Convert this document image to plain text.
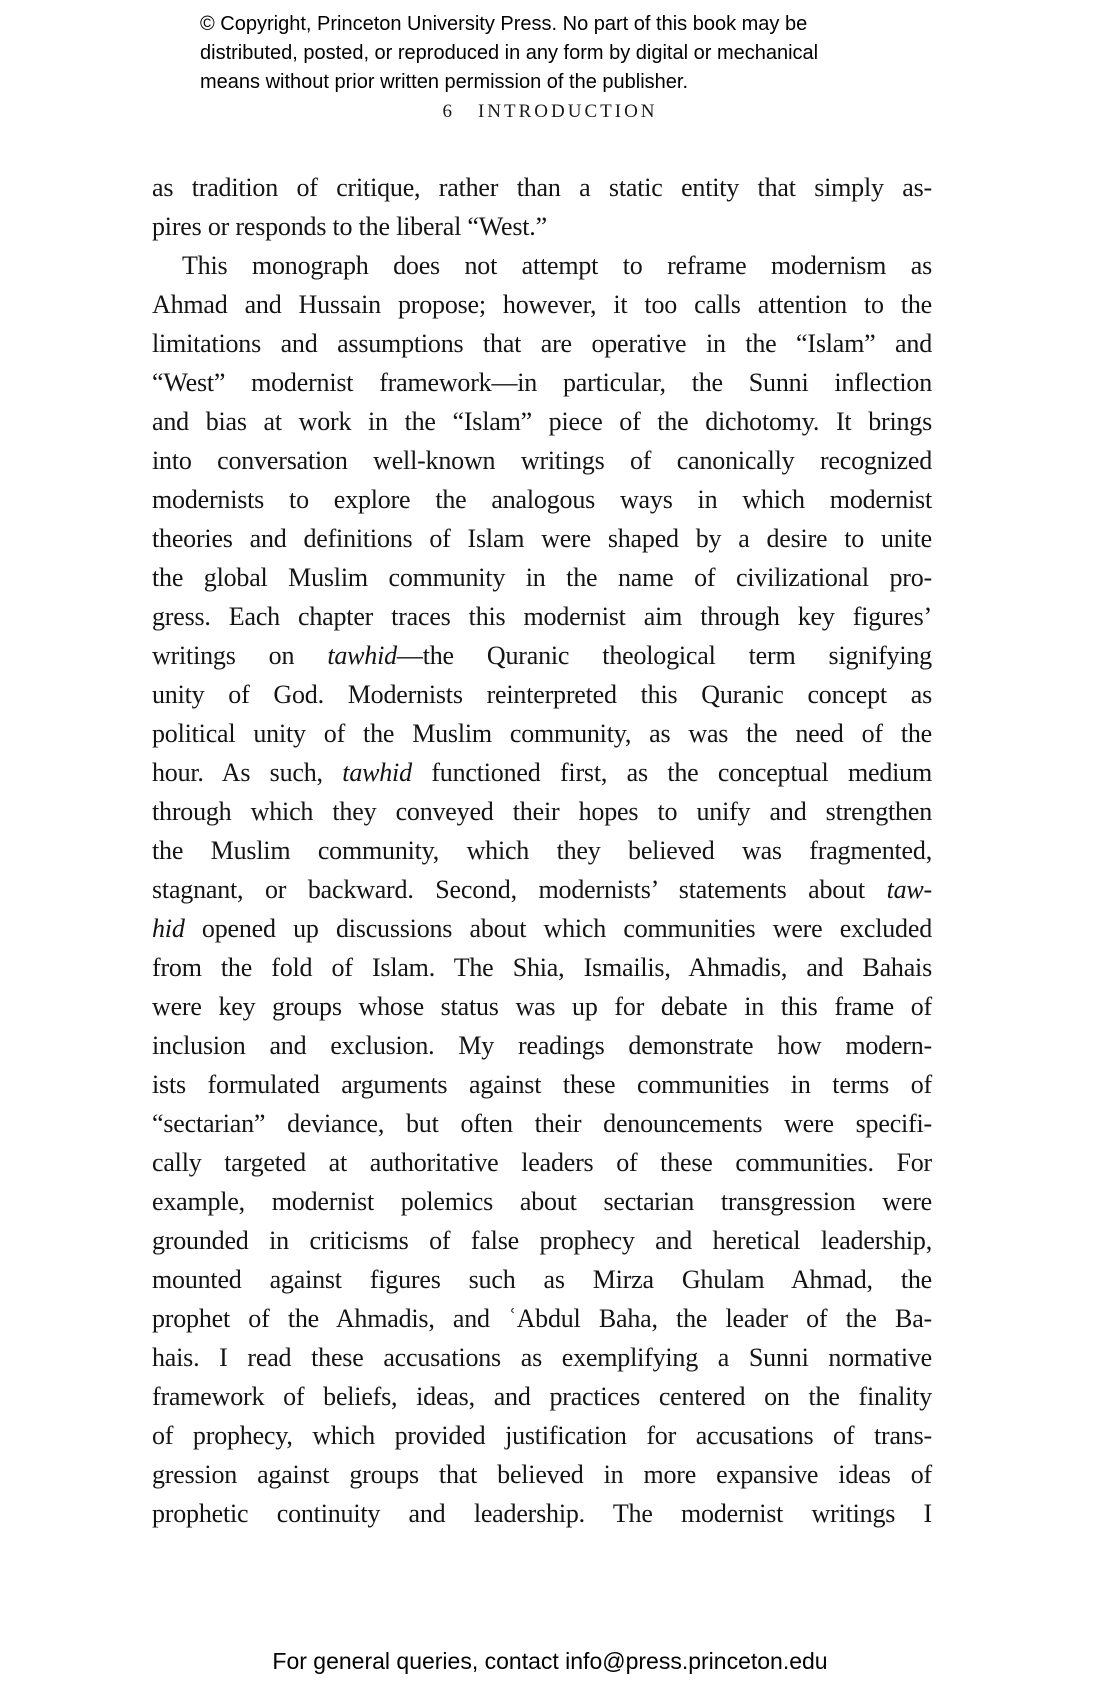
© Copyright, Princeton University Press. No part of this book may be
distributed, posted, or reproduced in any form by digital or mechanical
means without prior written permission of the publisher.
6 INTRODUCTION
as tradition of critique, rather than a static entity that simply as-
pires or responds to the liberal “West.”
This monograph does not attempt to reframe modernism as
Ahmad and Hussain propose; however, it too calls attention to the
limitations and assumptions that are operative in the “Islam” and
“West” modernist framework—in particular, the Sunni inflection
and bias at work in the “Islam” piece of the dichotomy. It brings
into conversation well-known writings of canonically recognized
modernists to explore the analogous ways in which modernist
theories and definitions of Islam were shaped by a desire to unite
the global Muslim community in the name of civilizational pro-
gress. Each chapter traces this modernist aim through key figures’
writings on tawhid—the Quranic theological term signifying
unity of God. Modernists reinterpreted this Quranic concept as
political unity of the Muslim community, as was the need of the
hour. As such, tawhid functioned first, as the conceptual medium
through which they conveyed their hopes to unify and strengthen
the Muslim community, which they believed was fragmented,
stagnant, or backward. Second, modernists’ statements about taw-
hid opened up discussions about which communities were excluded
from the fold of Islam. The Shia, Ismailis, Ahmadis, and Bahais
were key groups whose status was up for debate in this frame of
inclusion and exclusion. My readings demonstrate how modern-
ists formulated arguments against these communities in terms of
“sectarian” deviance, but often their denouncements were specifi-
cally targeted at authoritative leaders of these communities. For
example, modernist polemics about sectarian transgression were
grounded in criticisms of false prophecy and heretical leadership,
mounted against figures such as Mirza Ghulam Ahmad, the
prophet of the Ahmadis, and ʿAbdul Baha, the leader of the Ba-
hais. I read these accusations as exemplifying a Sunni normative
framework of beliefs, ideas, and practices centered on the finality
of prophecy, which provided justification for accusations of trans-
gression against groups that believed in more expansive ideas of
prophetic continuity and leadership. The modernist writings I
For general queries, contact info@press.princeton.edu
